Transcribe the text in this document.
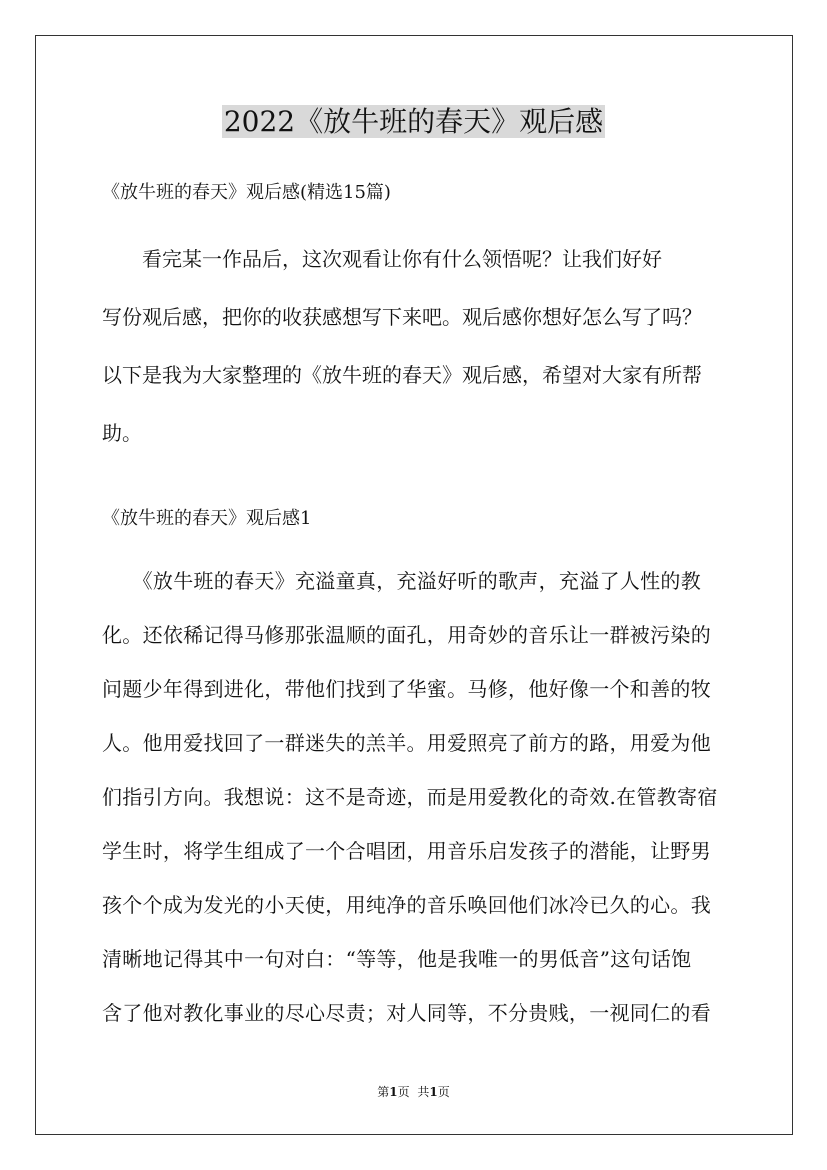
2022《放牛班的春天》观后感

《放牛班的春天》观后感(精选15篇)

　　看完某一作品后，这次观看让你有什么领悟呢？让我们好好
写份观后感，把你的收获感想写下来吧。观后感你想好怎么写了吗？
以下是我为大家整理的《放牛班的春天》观后感，希望对大家有所帮
助。

《放牛班的春天》观后感1

　　《放牛班的春天》充溢童真，充溢好听的歌声，充溢了人性的教
化。还依稀记得马修那张温顺的面孔，用奇妙的音乐让一群被污染的
问题少年得到进化，带他们找到了华蜜。马修，他好像一个和善的牧
人。他用爱找回了一群迷失的羔羊。用爱照亮了前方的路，用爱为他
们指引方向。我想说：这不是奇迹，而是用爱教化的奇效.在管教寄宿
学生时，将学生组成了一个合唱团，用音乐启发孩子的潜能，让野男
孩个个成为发光的小天使，用纯净的音乐唤回他们冰冷已久的心。我
清晰地记得其中一句对白：“等等，他是我唯一的男低音”这句话饱
含了他对教化事业的尽心尽责；对人同等，不分贵贱，一视同仁的看

第1页 共1页
